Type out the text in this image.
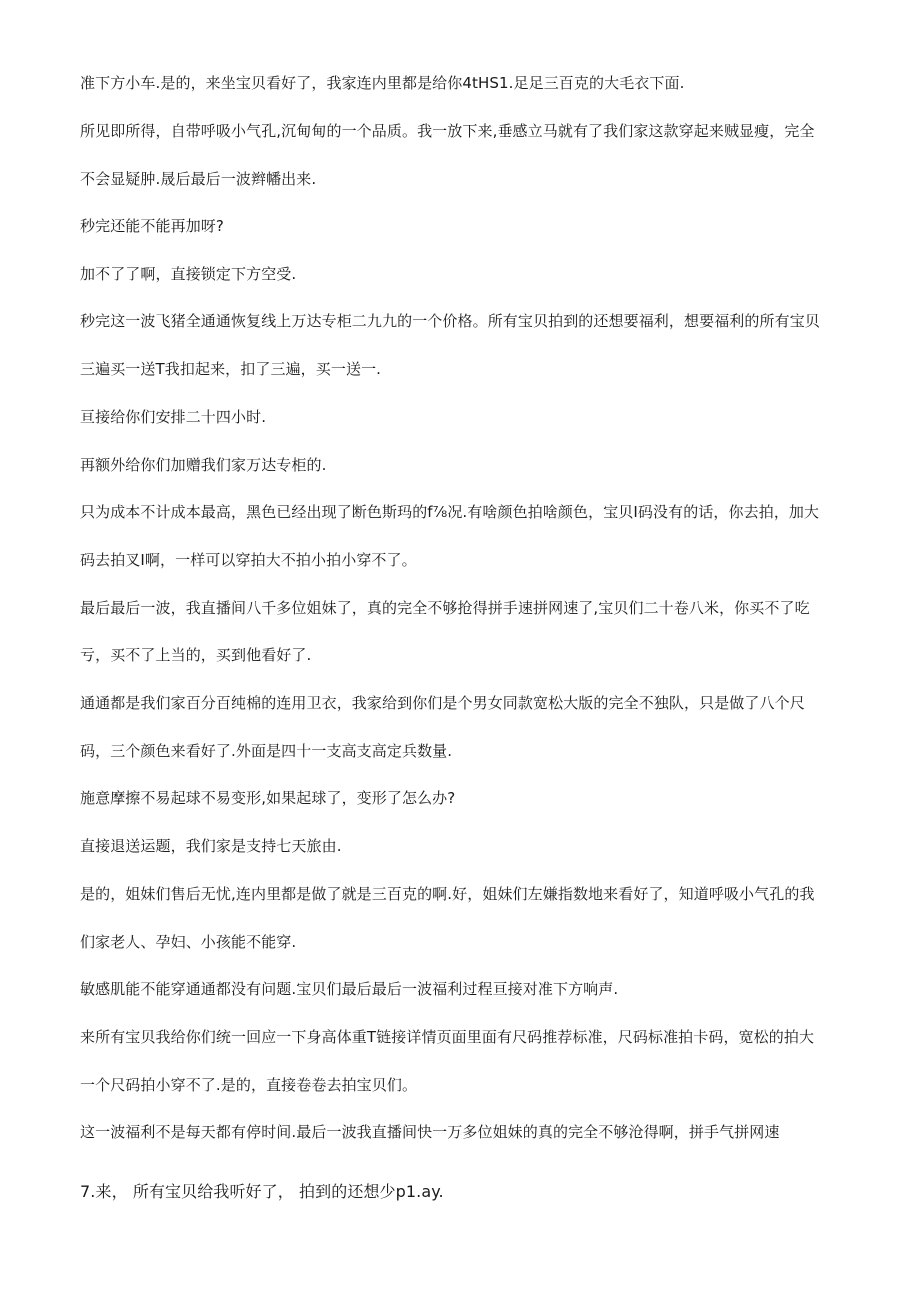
准下方小车.是的，来坐宝贝看好了，我家连内里都是给你4tHS1.足足三百克的大毛衣下面.
所见即所得，自带呼吸小气孔,沉甸甸的一个品质。我一放下来,垂感立马就有了我们家这款穿起来贼显瘦，完全
不会显疑肿.晟后最后一波辫幡出来.
秒完还能不能再加呀?
加不了了啊，直接锁定下方空受.
秒完这一波飞猪全通通恢复线上万达专柜二九九的一个价格。所有宝贝拍到的还想要福利，想要福利的所有宝贝
三遍买一送T我扣起来，扣了三遍，买一送一.
亘接给你们安排二十四小时.
再额外给你们加赠我们家万达专柜的.
只为成本不计成本最高，黑色已经出现了断色斯玛的f⅞况.有啥颜色拍啥颜色，宝贝I码没有的话，你去拍，加大
码去拍叉I啊，一样可以穿拍大不拍小拍小穿不了。
最后最后一波，我直播间八千多位姐妹了，真的完全不够抢得拼手速拼网速了,宝贝们二十卷八米，你买不了吃
亏，买不了上当的，买到他看好了.
通通都是我们家百分百纯棉的连用卫衣，我家给到你们是个男女同款宽松大版的完全不独队，只是做了八个尺
码，三个颜色来看好了.外面是四十一支高支高定兵数量.
施意摩擦不易起球不易变形,如果起球了，变形了怎么办?
直接退送运题，我们家是支持七天旅由.
是的，姐妹们售后无忧,连内里都是做了就是三百克的啊.好，姐妹们左嫌指数地来看好了，知道呼吸小气孔的我
们家老人、孕妇、小孩能不能穿.
敏感肌能不能穿通通都没有问题.宝贝们最后最后一波福利过程亘接对准下方响声.
来所有宝贝我给你们统一回应一下身高体重T链接详情页面里面有尺码推荐标准，尺码标准拍卡码，宽松的拍大
一个尺码拍小穿不了.是的，直接卷卷去拍宝贝们。
这一波福利不是每天都有停时间.最后一波我直播间快一万多位姐妹的真的完全不够沧得啊，拼手气拼网速
7.来， 所有宝贝给我听好了， 拍到的还想少p1.ay.
